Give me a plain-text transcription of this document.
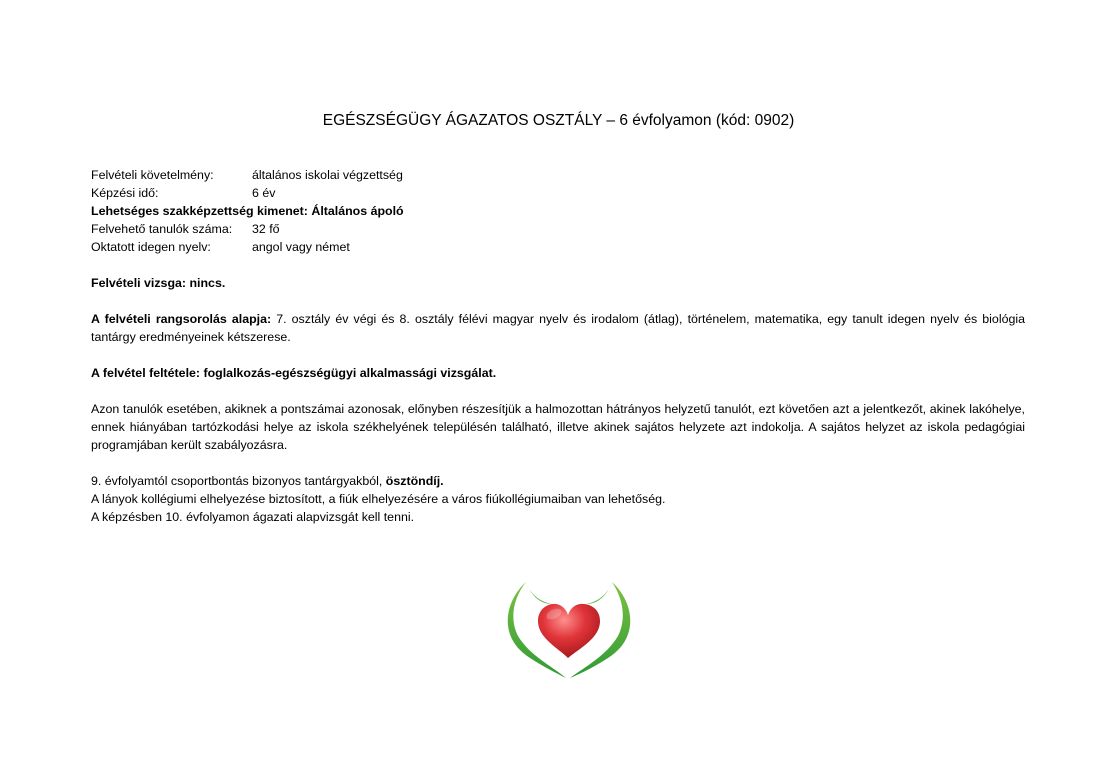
EGÉSZSÉGÜGY ÁGAZATOS OSZTÁLY – 6 évfolyamon (kód: 0902)
Felvételi követelmény:	általános iskolai végzettség
Képzési idő:	6 év
Lehetséges szakképzettség kimenet: Általános ápoló
Felvehető tanulók száma: 32 fő
Oktatott idegen nyelv:	angol vagy német
Felvételi vizsga: nincs.
A felvételi rangsorolás alapja: 7. osztály év végi és 8. osztály félévi magyar nyelv és irodalom (átlag), történelem, matematika, egy tanult idegen nyelv és biológia tantárgy eredményeinek kétszerese.
A felvétel feltétele: foglalkozás-egészségügyi alkalmassági vizsgálat.
Azon tanulók esetében, akiknek a pontszámai azonosak, előnyben részesítjük a halmozottan hátrányos helyzetű tanulót, ezt követően azt a jelentkezőt, akinek lakóhelye, ennek hiányában tartózkodási helye az iskola székhelyének településén található, illetve akinek sajátos helyzete azt indokolja. A sajátos helyzet az iskola pedagógiai programjában került szabályozásra.
9. évfolyamtól csoportbontás bizonyos tantárgyakból, ösztöndíj.
A lányok kollégiumi elhelyezése biztosított, a fiúk elhelyezésére a város fiúkollégiumaiban van lehetőség.
A képzésben 10. évfolyamon ágazati alapvizsgát kell tenni.
